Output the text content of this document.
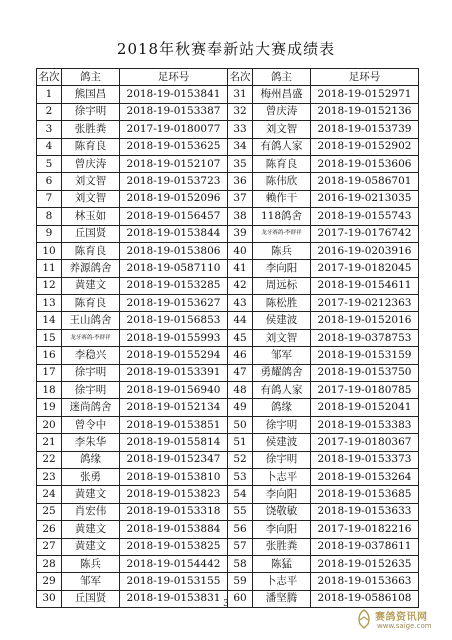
2018年秋赛奉新站大赛成绩表
名次	鸽主	足环号	名次	鸽主	足环号
1	熊国昌	2018-19-0153841	31	梅州昌盛	2018-19-0152971
2	徐宇明	2018-19-0153387	32	曾庆涛	2018-19-0152136
3	张胜粪	2017-19-0180077	33	刘文智	2018-19-0153739
4	陈育良	2018-19-0153625	34	有鸽人家	2018-19-0152902
5	曾庆涛	2018-19-0152107	35	陈育良	2018-19-0153606
6	刘文智	2018-19-0153723	36	陈伟欣	2018-19-0586701
7	刘文智	2018-19-0152096	37	赖作干	2016-19-0213035
8	林玉如	2018-19-0156457	38	118鸽舍	2018-19-0155743
9	丘国贤	2018-19-0153844	39	龙牙赛鸽-李群祥	2017-19-0176742
10	陈育良	2018-19-0153806	40	陈兵	2016-19-0203916
11	养源鸽舍	2018-19-0587110	41	李向阳	2017-19-0182045
12	黄建文	2018-19-0153285	42	周远标	2018-19-0154611
13	陈育良	2018-19-0153627	43	陈松胜	2017-19-0212363
14	王山鸽舍	2018-19-0156853	44	侯建波	2018-19-0152016
15	龙牙赛鸽-李群祥	2018-19-0155993	45	刘文智	2018-19-0378753
16	李稳兴	2018-19-0155294	46	邹军	2018-19-0153159
17	徐宇明	2018-19-0153391	47	勇耀鸽舍	2018-19-0153750
18	徐宇明	2018-19-0156940	48	有鸽人家	2017-19-0180785
19	迷尚鸽舍	2018-19-0152134	49	鸽缘	2018-19-0152041
20	曾令中	2018-19-0153851	50	徐宇明	2018-19-0153383
21	李朱华	2018-19-0155814	51	侯建波	2017-19-0180367
22	鸽缘	2018-19-0152347	52	徐宇明	2018-19-0153373
23	张勇	2018-19-0153810	53	卜志平	2018-19-0153264
24	黄建文	2018-19-0153823	54	李向阳	2018-19-0153685
25	肖宏伟	2018-19-0153318	55	饶敬敏	2018-19-0153633
26	黄建文	2018-19-0153884	56	李向阳	2017-19-0182216
27	黄建文	2018-19-0153825	57	张胜粪	2018-19-0378611
28	陈兵	2018-19-0154442	58	陈猛	2018-19-0152635
29	邹军	2018-19-0153155	59	卜志平	2018-19-0153663
30	丘国贤	2018-19-0153831	60	潘坚腾	2018-19-0586108
3
赛鸽资讯网
www.saige.com
